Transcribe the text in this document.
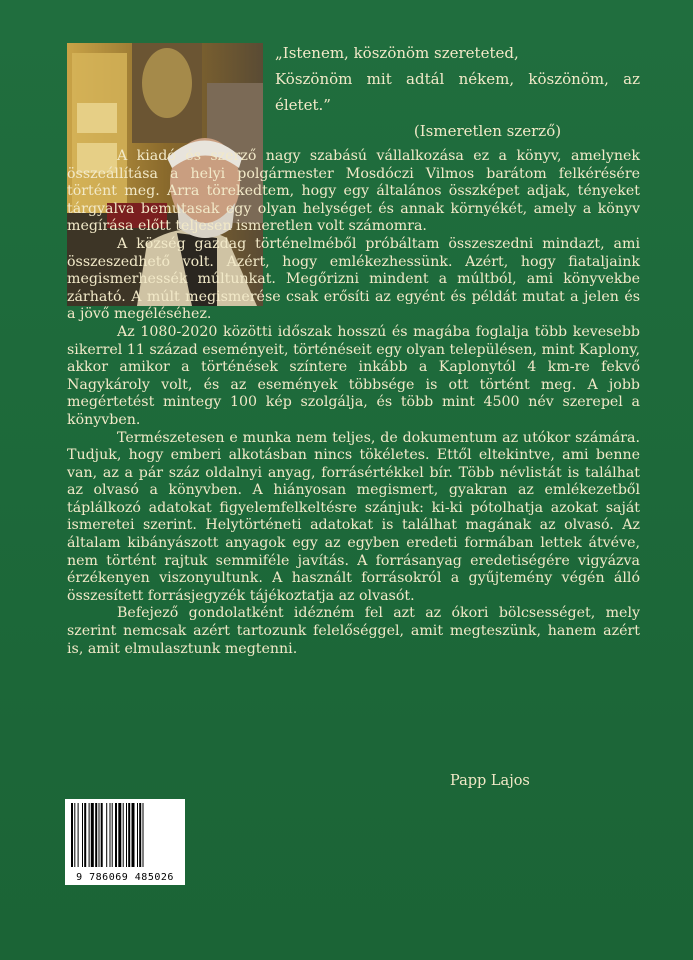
„Istenem, köszönöm szereteted,

Köszönöm mit adtál nékem, köszönöm, az

életet.”

(Ismeretlen szerző)

A kiadó és szerző nagy szabású vállalkozása ez a könyv, amelynek összeállítása a helyi polgármester Mosdóczi Vilmos barátom felkérésére történt meg. Arra törekedtem, hogy egy általános összképet adjak, tényeket tárgyalva bemutasak egy olyan helységet és annak környékét, amely a könyv megírása előtt teljesen ismeretlen volt számomra.

A község gazdag történelméből próbáltam összeszedni mindazt, ami összeszedhető volt. Azért, hogy emlékezhessünk. Azért, hogy fiataljaink megismerhessék múltunkat. Megőrizni mindent a múltból, ami könyvekbe zárható. A múlt megismerése csak erősíti az egyént és példát mutat a jelen és a jövő megéléséhez.

Az 1080-2020 közötti időszak hosszú és magába foglalja több kevesebb sikerrel 11 század eseményeit, történéseit egy olyan településen, mint Kaplony, akkor amikor a történések színtere inkább a Kaplonytól 4 km-re fekvő Nagykároly volt, és az események többsége is ott történt meg. A jobb megértetést mintegy 100 kép szolgálja, és több mint 4500 név szerepel a könyvben.

Természetesen e munka nem teljes, de dokumentum az utókor számára. Tudjuk, hogy emberi alkotásban nincs tökéletes. Ettől eltekintve, ami benne van, az a pár száz oldalnyi anyag, forrásértékkel bír. Több névlistát is találhat az olvasó a könyvben. A hiányosan megismert, gyakran az emlékezetből táplálkozó adatokat figyelemfelkeltésre szánjuk: ki-ki pótolhatja azokat saját ismeretei szerint. Helytörténeti adatokat is találhat magának az olvasó. Az általam kibányászott anyagok egy az egyben eredeti formában lettek átvéve, nem történt rajtuk semmiféle javítás. A forrásanyag eredetiségére vigyázva érzékenyen viszonyultunk. A használt forrásokról a gyűjtemény végén álló összesített forrásjegyzék tájékoztatja az olvasót.

Befejező gondolatként idézném fel azt az ókori bölcsességet, mely szerint nemcsak azért tartozunk felelőséggel, amit megteszünk, hanem azért is, amit elmulasztunk megtenni.

Papp Lajos
9 786069 485026
